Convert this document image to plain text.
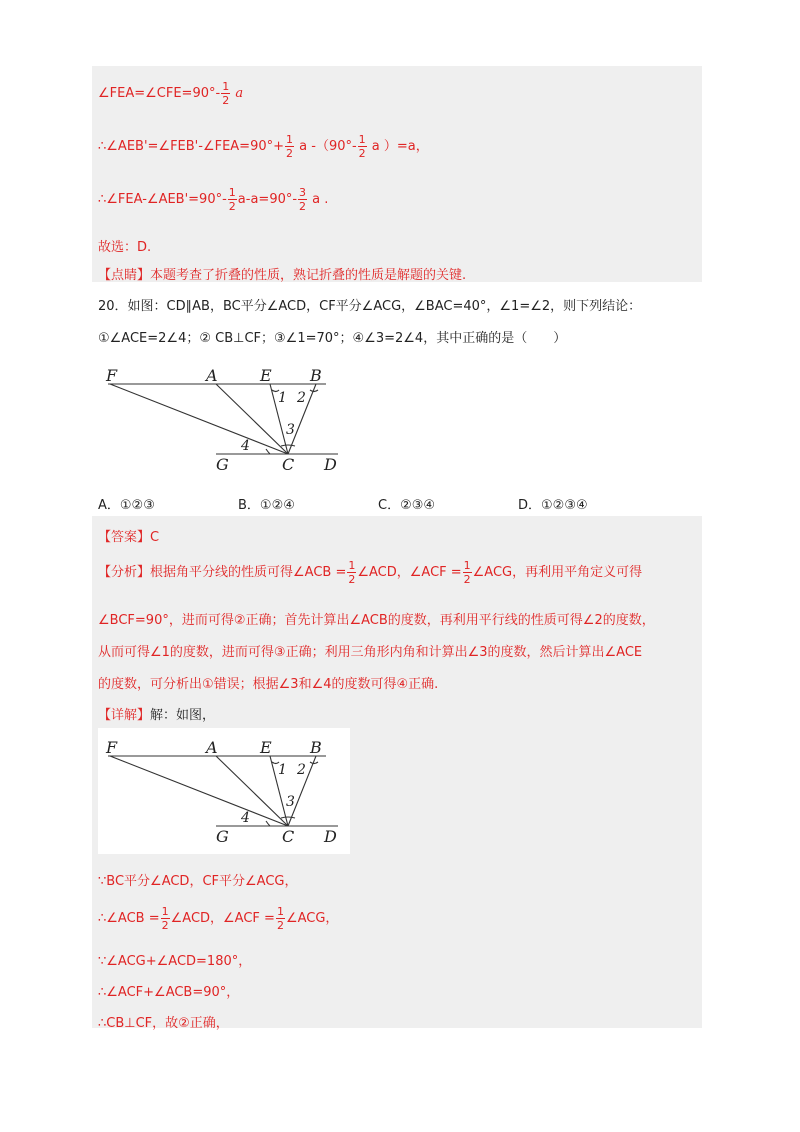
∠FEA=∠CFE=90°- $\frac{1}{2}$ a
∴∠AEB'=∠FEB'-∠FEA=90°+ $\frac{1}{2}$ a $-(90^\circ- \frac{1}{2}$ a ）=a，
∴∠FEA-∠AEB'=90°- $\frac{1}{2} a-a=90^\circ- \frac{3}{2}$ a .
故选：D.
【点睛】本题考查了折叠的性质，熟记折叠的性质是解题的关键.
20．如图：CD∥AB，BC平分∠ACD，CF平分∠ACG，∠BAC=40°，∠1=∠2，则下列结论：
①∠ACE=2∠4；② CB⊥CF；③∠1=70°；④∠3=2∠4，其中正确的是（　　）
F	A	E B
1 2
3
4
G	C D
A．①②③	B．①②④	C．②③④	D．①②③④
【答案】C
【分析】根据角平分线的性质可得∠ACB = $\frac{1}{2}$ ∠ACD，∠ACF = $\frac{1}{2}$ ∠ACG，再利用平角定义可得
∠BCF=90°，进而可得②正确；首先计算出∠ACB的度数，再利用平行线的性质可得∠2的度数，
从而可得∠1的度数，进而可得③正确；利用三角形内角和计算出∠3的度数，然后计算出∠ACE
的度数，可分析出①错误；根据∠3和∠4的度数可得④正确.
【详解】解：如图，
F	A	E B
1 2
3
4
G	C D
∵BC平分∠ACD，CF平分∠ACG，
∴∠ACB = $\frac{1}{2}$ ∠ACD，∠ACF = $\frac{1}{2}$ ∠ACG，
∵∠ACG+∠ACD=180°，
∴∠ACF+∠ACB=90°，
∴CB⊥CF，故②正确，
